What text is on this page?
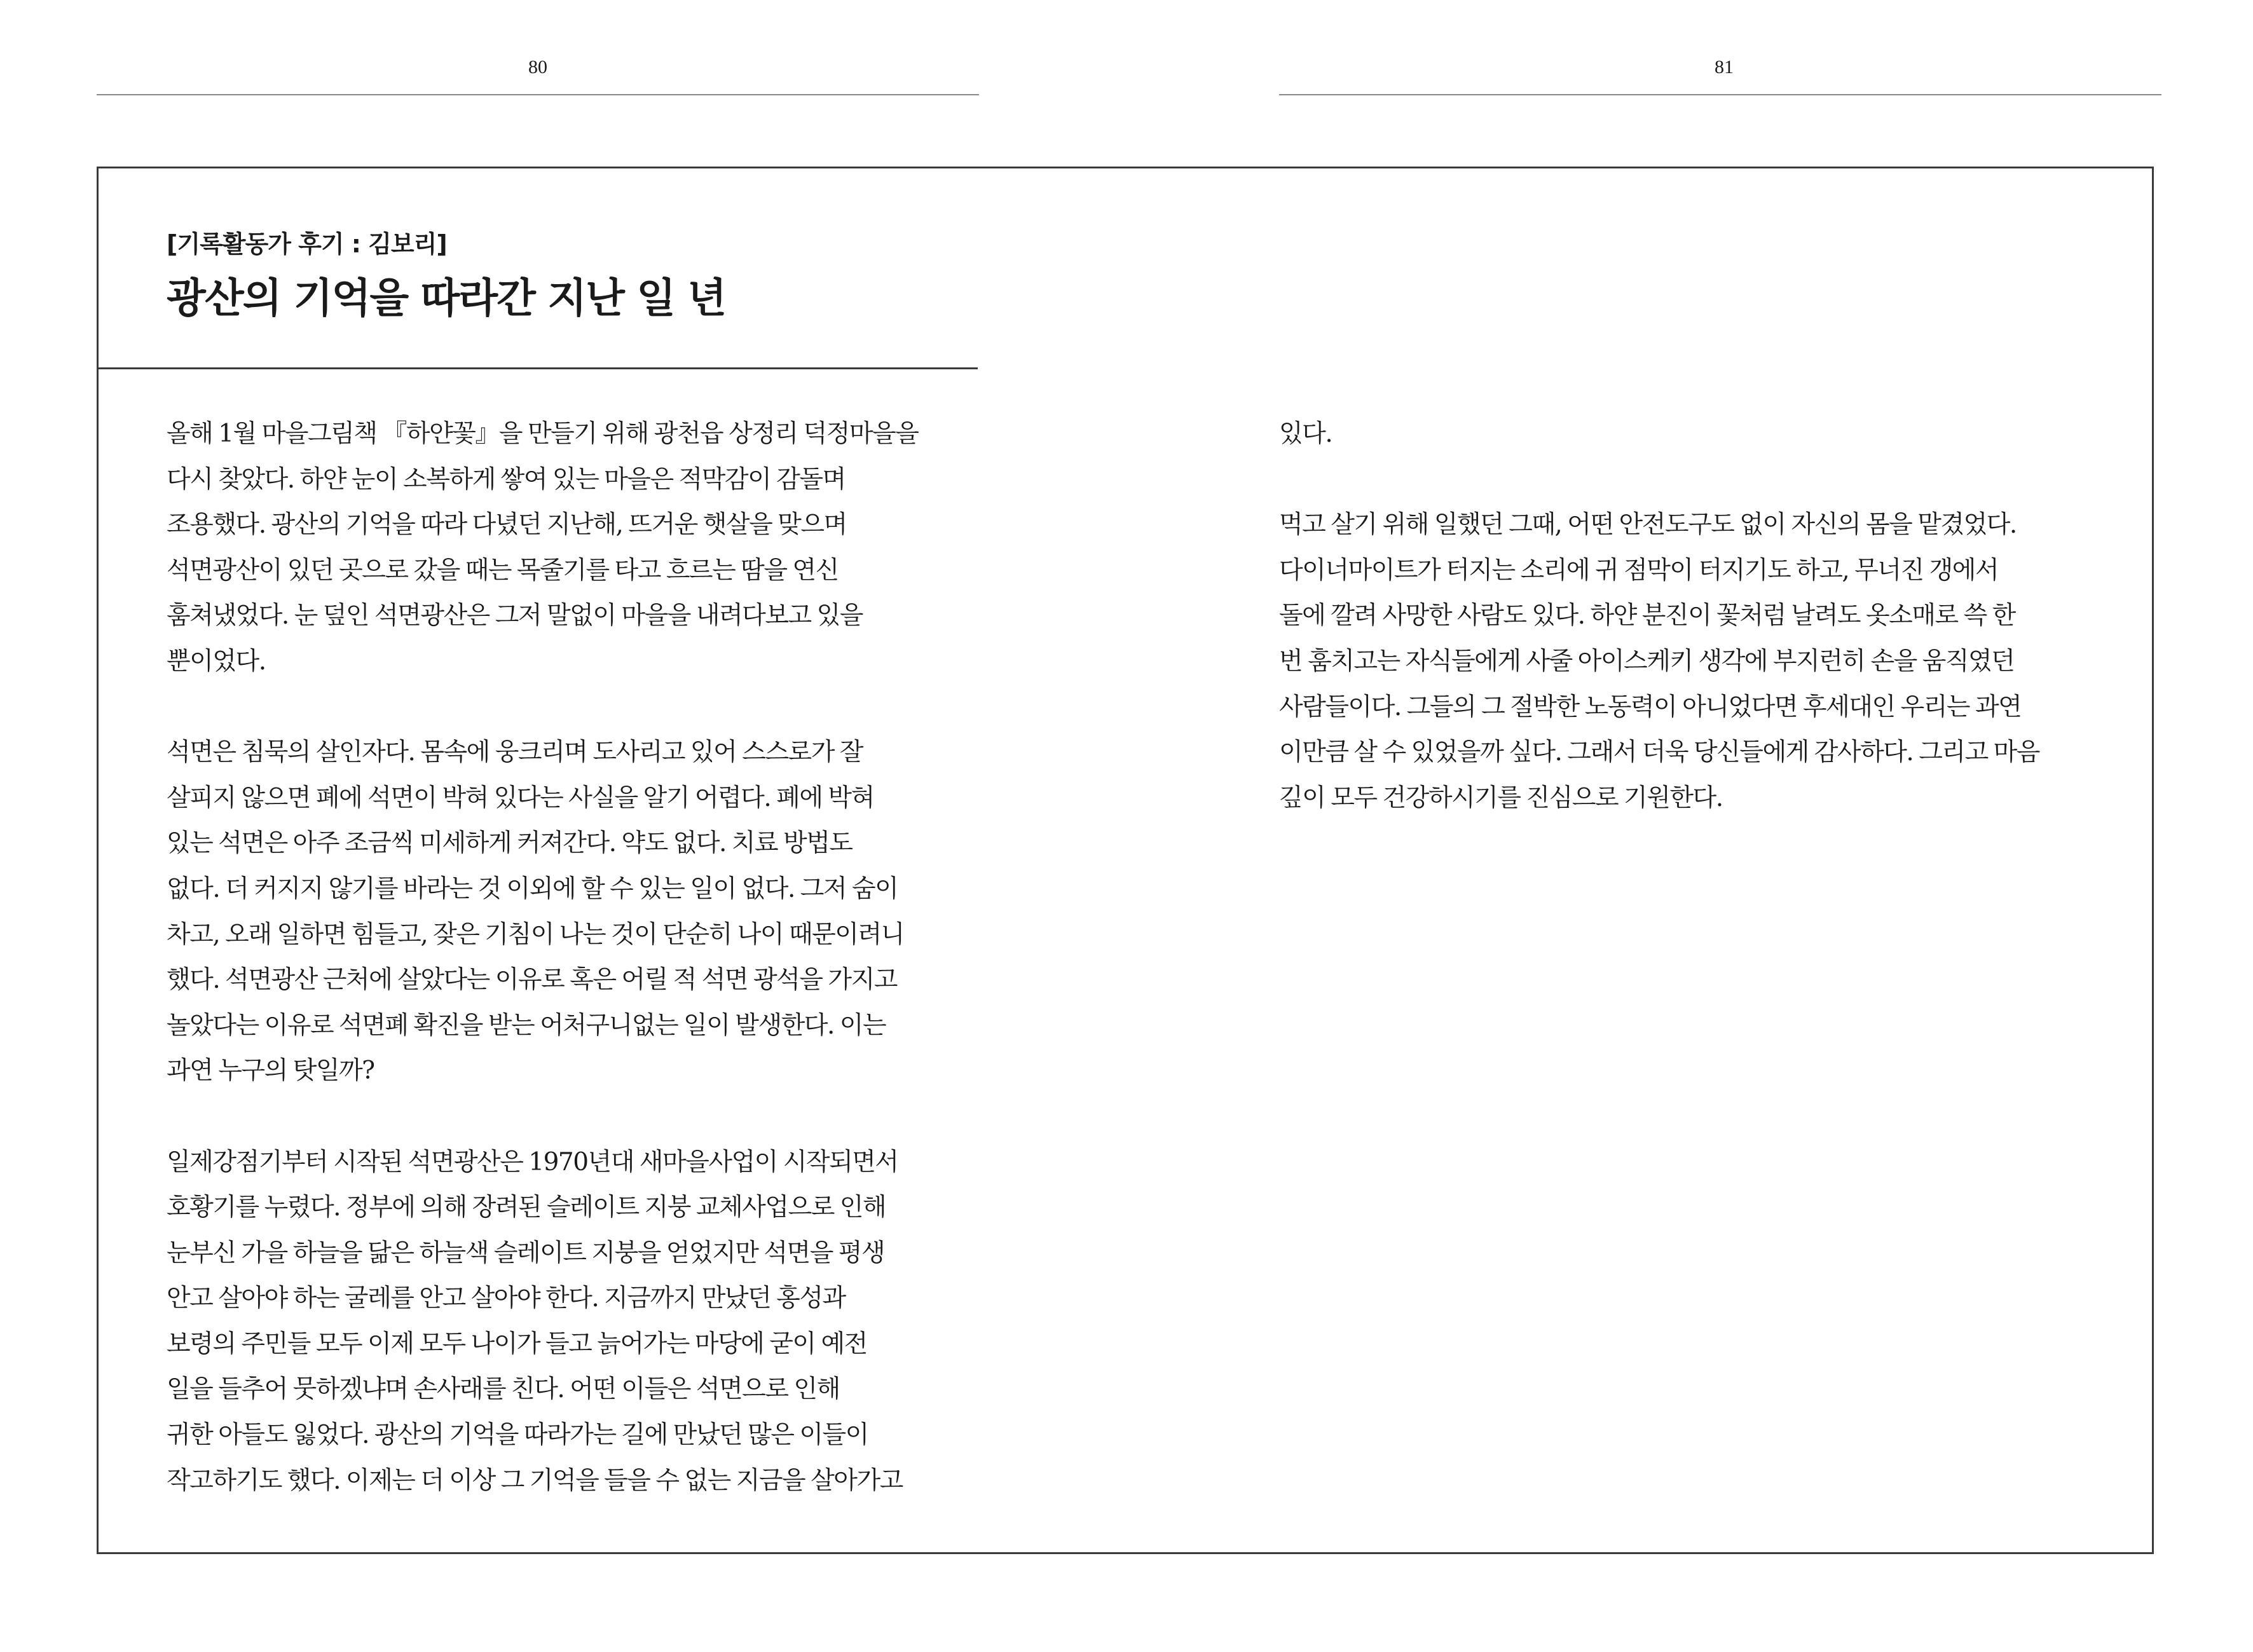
80	81
[기록활동가 후기 : 김보리]
광산의 기억을 따라간 지난 일 년

올해 1월 마을그림책 『하얀꽃』을 만들기 위해 광천읍 상정리 덕정마을을
다시 찾았다. 하얀 눈이 소복하게 쌓여 있는 마을은 적막감이 감돌며
조용했다. 광산의 기억을 따라 다녔던 지난해, 뜨거운 햇살을 맞으며
석면광산이 있던 곳으로 갔을 때는 목줄기를 타고 흐르는 땀을 연신
훔쳐냈었다. 눈 덮인 석면광산은 그저 말없이 마을을 내려다보고 있을
뿐이었다.

석면은 침묵의 살인자다. 몸속에 웅크리며 도사리고 있어 스스로가 잘
살피지 않으면 폐에 석면이 박혀 있다는 사실을 알기 어렵다. 폐에 박혀
있는 석면은 아주 조금씩 미세하게 커져간다. 약도 없다. 치료 방법도
없다. 더 커지지 않기를 바라는 것 이외에 할 수 있는 일이 없다. 그저 숨이
차고, 오래 일하면 힘들고, 잦은 기침이 나는 것이 단순히 나이 때문이려니
했다. 석면광산 근처에 살았다는 이유로 혹은 어릴 적 석면 광석을 가지고
놀았다는 이유로 석면폐 확진을 받는 어처구니없는 일이 발생한다. 이는
과연 누구의 탓일까?

일제강점기부터 시작된 석면광산은 1970년대 새마을사업이 시작되면서
호황기를 누렸다. 정부에 의해 장려된 슬레이트 지붕 교체사업으로 인해
눈부신 가을 하늘을 닮은 하늘색 슬레이트 지붕을 얻었지만 석면을 평생
안고 살아야 하는 굴레를 안고 살아야 한다. 지금까지 만났던 홍성과
보령의 주민들 모두 이제 모두 나이가 들고 늙어가는 마당에 굳이 예전
일을 들추어 뭇하겠냐며 손사래를 친다. 어떤 이들은 석면으로 인해
귀한 아들도 잃었다. 광산의 기억을 따라가는 길에 만났던 많은 이들이
작고하기도 했다. 이제는 더 이상 그 기억을 들을 수 없는 지금을 살아가고

있다.

먹고 살기 위해 일했던 그때, 어떤 안전도구도 없이 자신의 몸을 맡겼었다.
다이너마이트가 터지는 소리에 귀 점막이 터지기도 하고, 무너진 갱에서
돌에 깔려 사망한 사람도 있다. 하얀 분진이 꽃처럼 날려도 옷소매로 쓱 한
번 훔치고는 자식들에게 사줄 아이스케키 생각에 부지런히 손을 움직였던
사람들이다. 그들의 그 절박한 노동력이 아니었다면 후세대인 우리는 과연
이만큼 살 수 있었을까 싶다. 그래서 더욱 당신들에게 감사하다. 그리고 마음
깊이 모두 건강하시기를 진심으로 기원한다.
